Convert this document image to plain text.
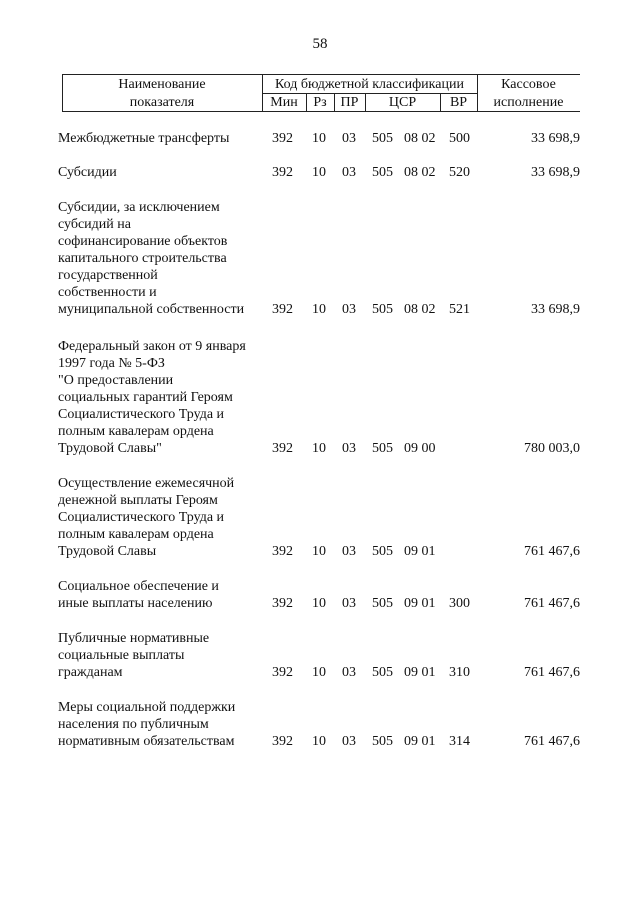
58
Наименование
показателя
Код бюджетной классификации
Мин	Рз ПР	ЦСР	ВР
Кассовое
исполнение
Межбюджетные трансферты	392 10 03 505 08 02 500	33 698,9
Субсидии	392 10 03 505 08 02 520	33 698,9
Субсидии, за исключением
субсидий на
софинансирование объектов
капитального строительства
государственной
собственности и
муниципальной собственности	392 10 03 505 08 02 521	33 698,9
Федеральный закон от 9 января
1997 года № 5-ФЗ
"О предоставлении
социальных гарантий Героям
Социалистического Труда и
полным кавалерам ордена
Трудовой Славы"	392 10 03 505 09 00	780 003,0
Осуществление ежемесячной
денежной выплаты Героям
Социалистического Труда и
полным кавалерам ордена
Трудовой Славы	392 10 03 505 09 01	761 467,6
Социальное обеспечение и
иные выплаты населению	392 10 03 505 09 01 300	761 467,6
Публичные нормативные
социальные выплаты
гражданам	392 10 03 505 09 01 310	761 467,6
Меры социальной поддержки
населения по публичным
нормативным обязательствам	392 10 03 505 09 01 314	761 467,6
